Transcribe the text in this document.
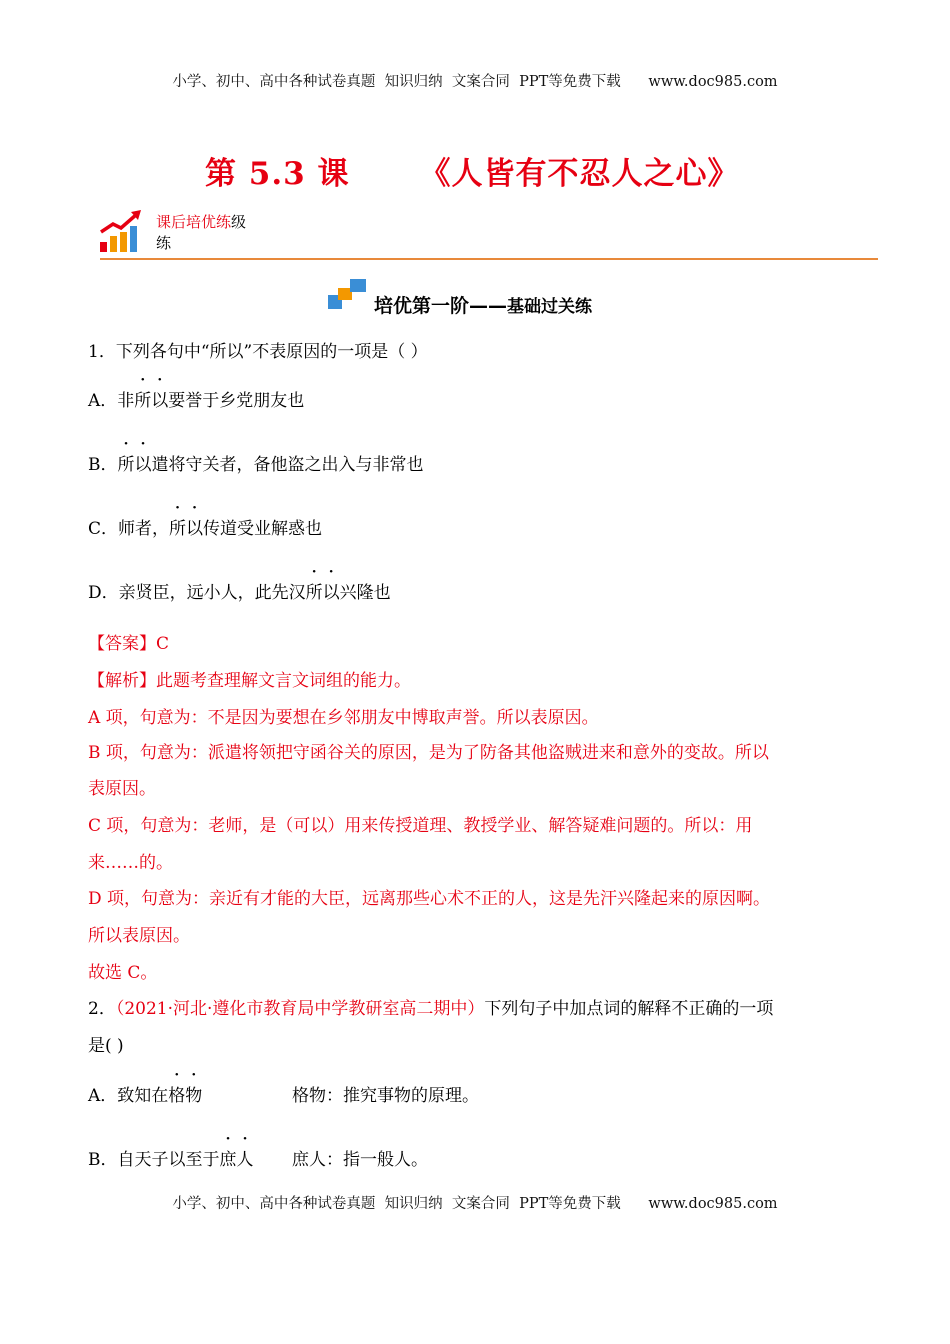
小学、初中、高中各种试卷真题  知识归纳  文案合同  PPT等免费下载      www.doc985.com
第 5.3 课 《人皆有不忍人之心》
课后培优练级
练
培优第一阶——基础过关练
1．下列各句中“所以”不表原因的一项是（ ）
A．非所以要誉于乡党朋友也
B．所以遣将守关者，备他盗之出入与非常也
C．师者，所以传道受业解惑也
D．亲贤臣，远小人，此先汉所以兴隆也
【答案】C
【解析】此题考查理解文言文词组的能力。
A 项，句意为：不是因为要想在乡邻朋友中博取声誉。所以表原因。
B 项，句意为：派遣将领把守函谷关的原因，是为了防备其他盗贼进来和意外的变故。所以
表原因。
C 项，句意为：老师，是（可以）用来传授道理、教授学业、解答疑难问题的。所以：用
来……的。
D 项，句意为：亲近有才能的大臣，远离那些心术不正的人，这是先汗兴隆起来的原因啊。
所以表原因。
故选 C。
2．（2021·河北·遵化市教育局中学教研室高二期中）下列句子中加点词的解释不正确的一项
是( )
A．致知在格物	格物：推究事物的原理。
B．自天子以至于庶人 庶人：指一般人。
小学、初中、高中各种试卷真题  知识归纳  文案合同  PPT等免费下载      www.doc985.com
